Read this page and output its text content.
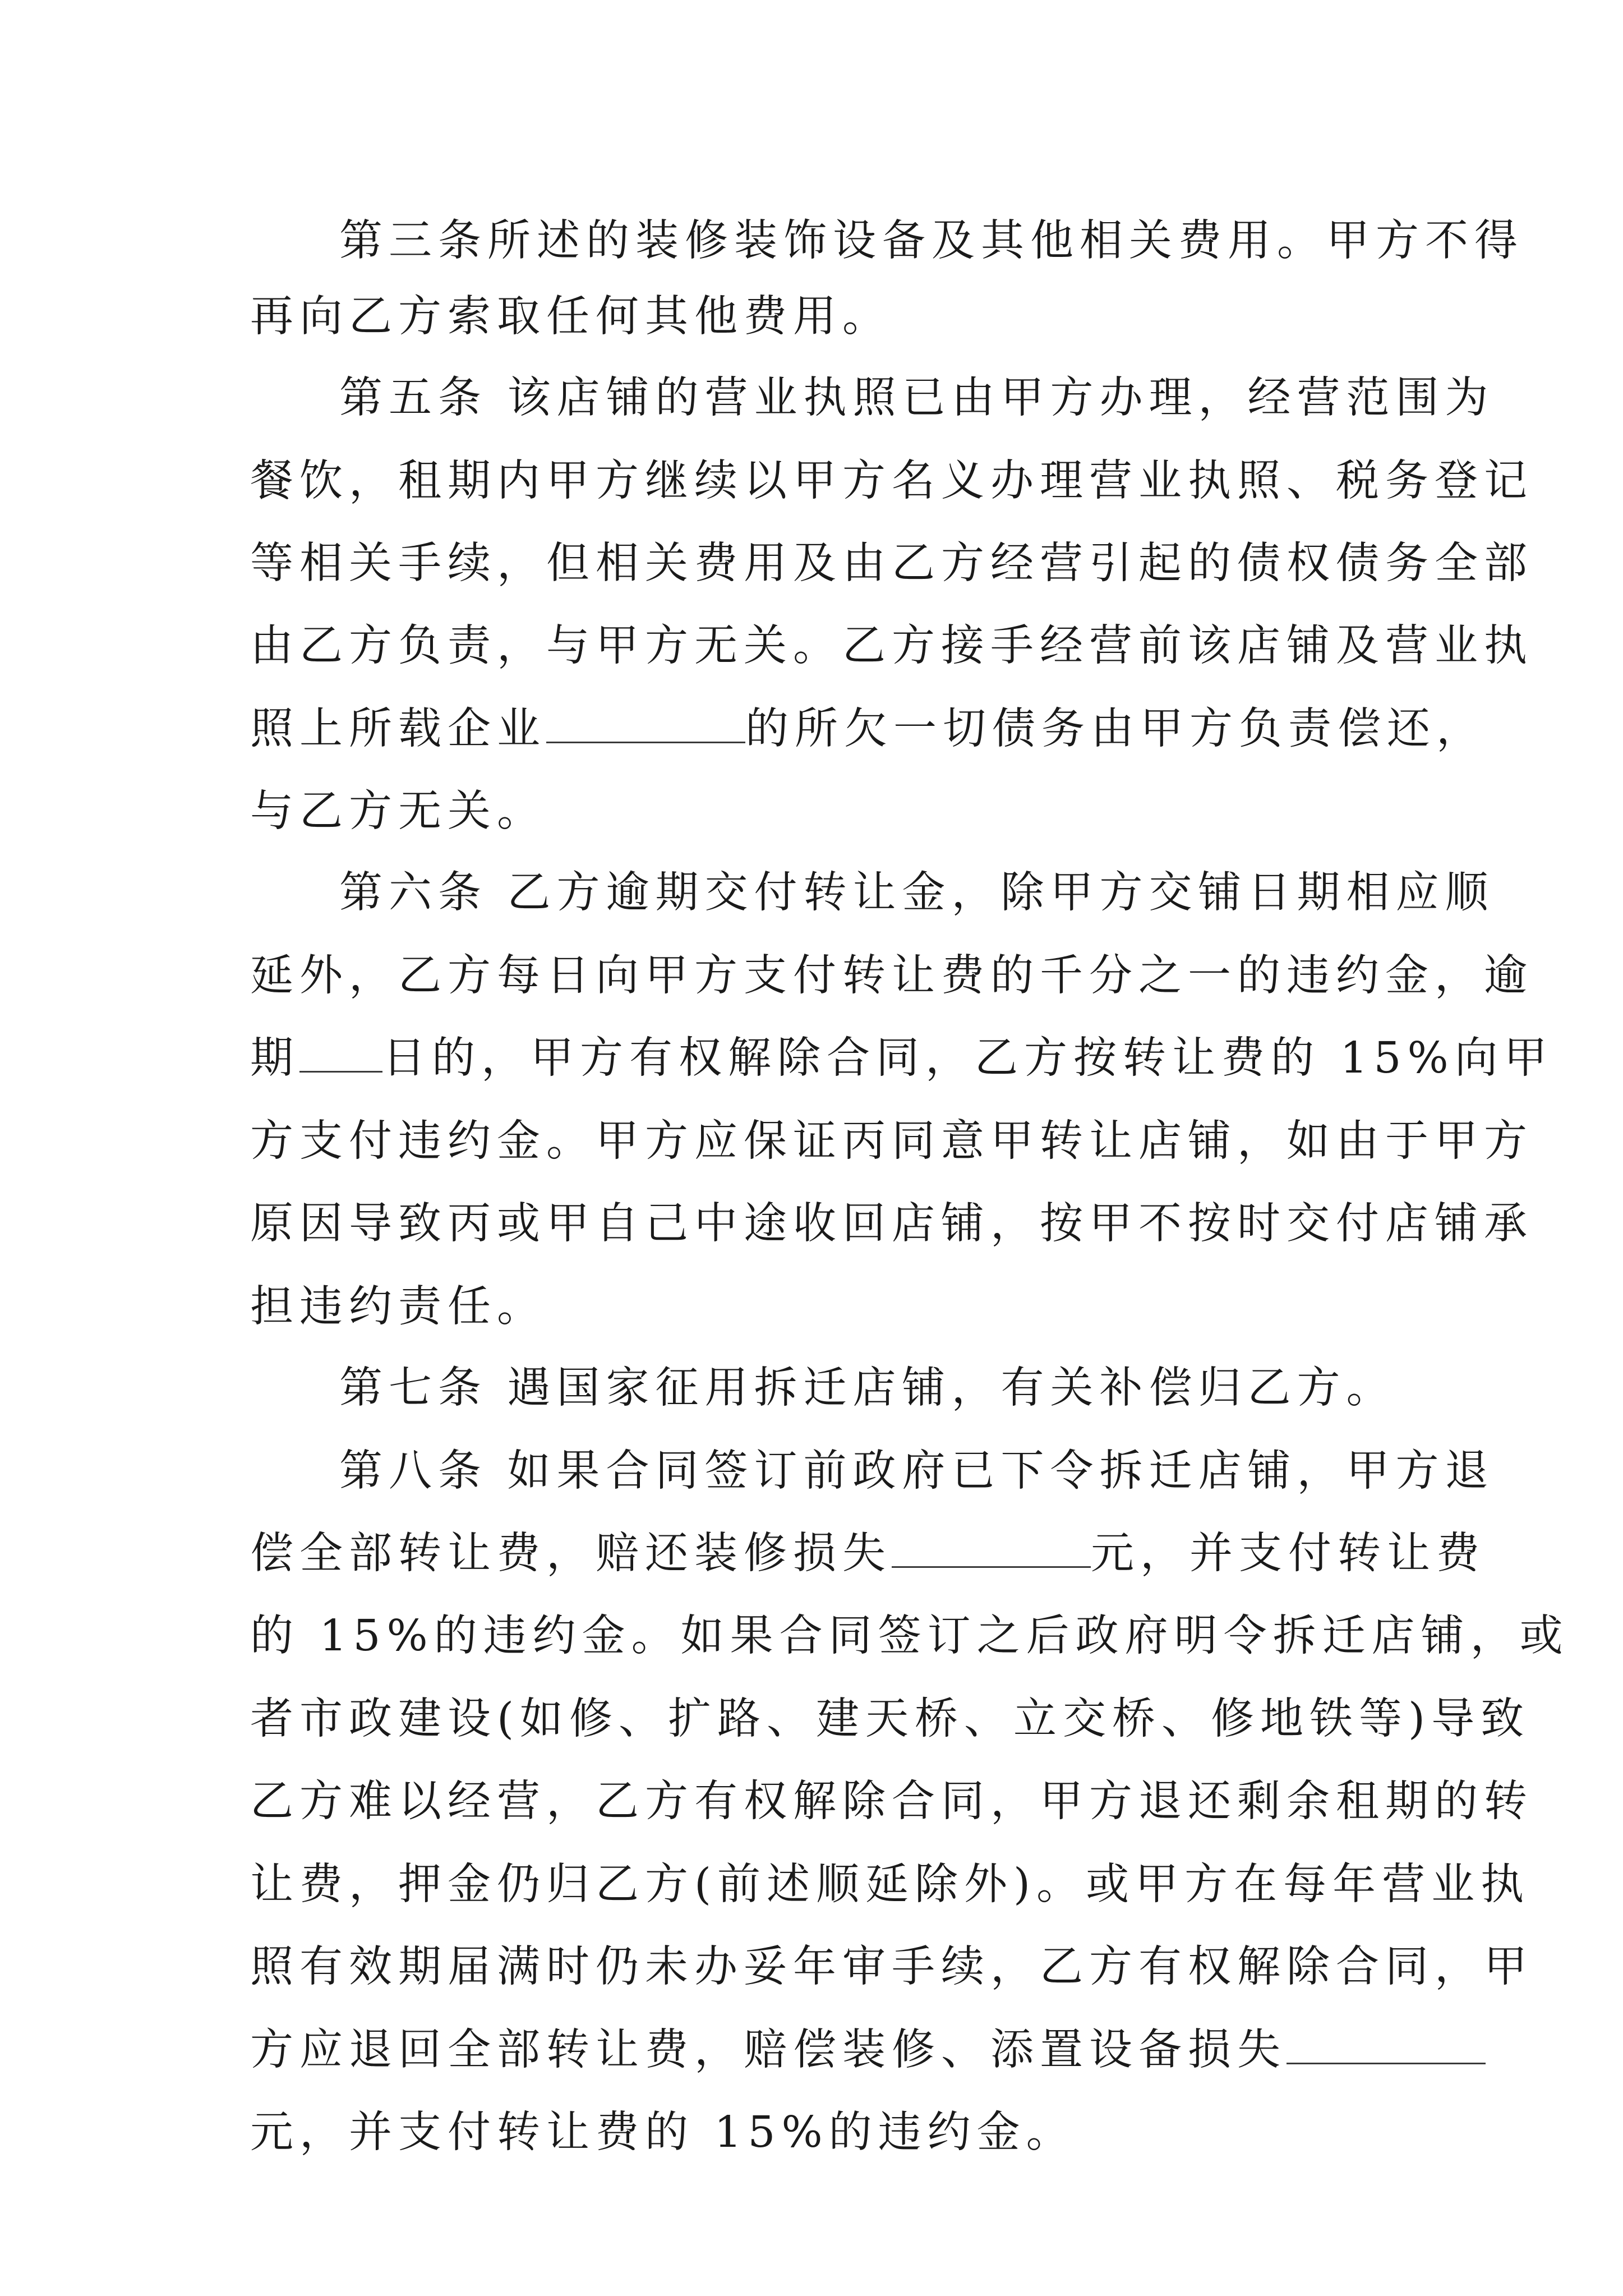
第三条所述的装修装饰设备及其他相关费用。甲方不得
再向乙方索取任何其他费用。
第五条 该店铺的营业执照已由甲方办理，经营范围为
餐饮，租期内甲方继续以甲方名义办理营业执照、税务登记
等相关手续，但相关费用及由乙方经营引起的债权债务全部
由乙方负责，与甲方无关。乙方接手经营前该店铺及营业执
照上所载企业	的所欠一切债务由甲方负责偿还，
与乙方无关。
第六条 乙方逾期交付转让金，除甲方交铺日期相应顺
延外，乙方每日向甲方支付转让费的千分之一的违约金，逾
期 日的，甲方有权解除合同，乙方按转让费的 15%向甲
方支付违约金。甲方应保证丙同意甲转让店铺，如由于甲方
原因导致丙或甲自己中途收回店铺，按甲不按时交付店铺承
担违约责任。
第七条 遇国家征用拆迁店铺，有关补偿归乙方。
第八条 如果合同签订前政府已下令拆迁店铺，甲方退
偿全部转让费，赔还装修损失	元，并支付转让费
的 15%的违约金。如果合同签订之后政府明令拆迁店铺，或
者市政建设(如修、扩路、建天桥、立交桥、修地铁等)导致
乙方难以经营，乙方有权解除合同，甲方退还剩余租期的转
让费，押金仍归乙方(前述顺延除外)。或甲方在每年营业执
照有效期届满时仍未办妥年审手续，乙方有权解除合同，甲
方应退回全部转让费，赔偿装修、添置设备损失
元，并支付转让费的 15%的违约金。
